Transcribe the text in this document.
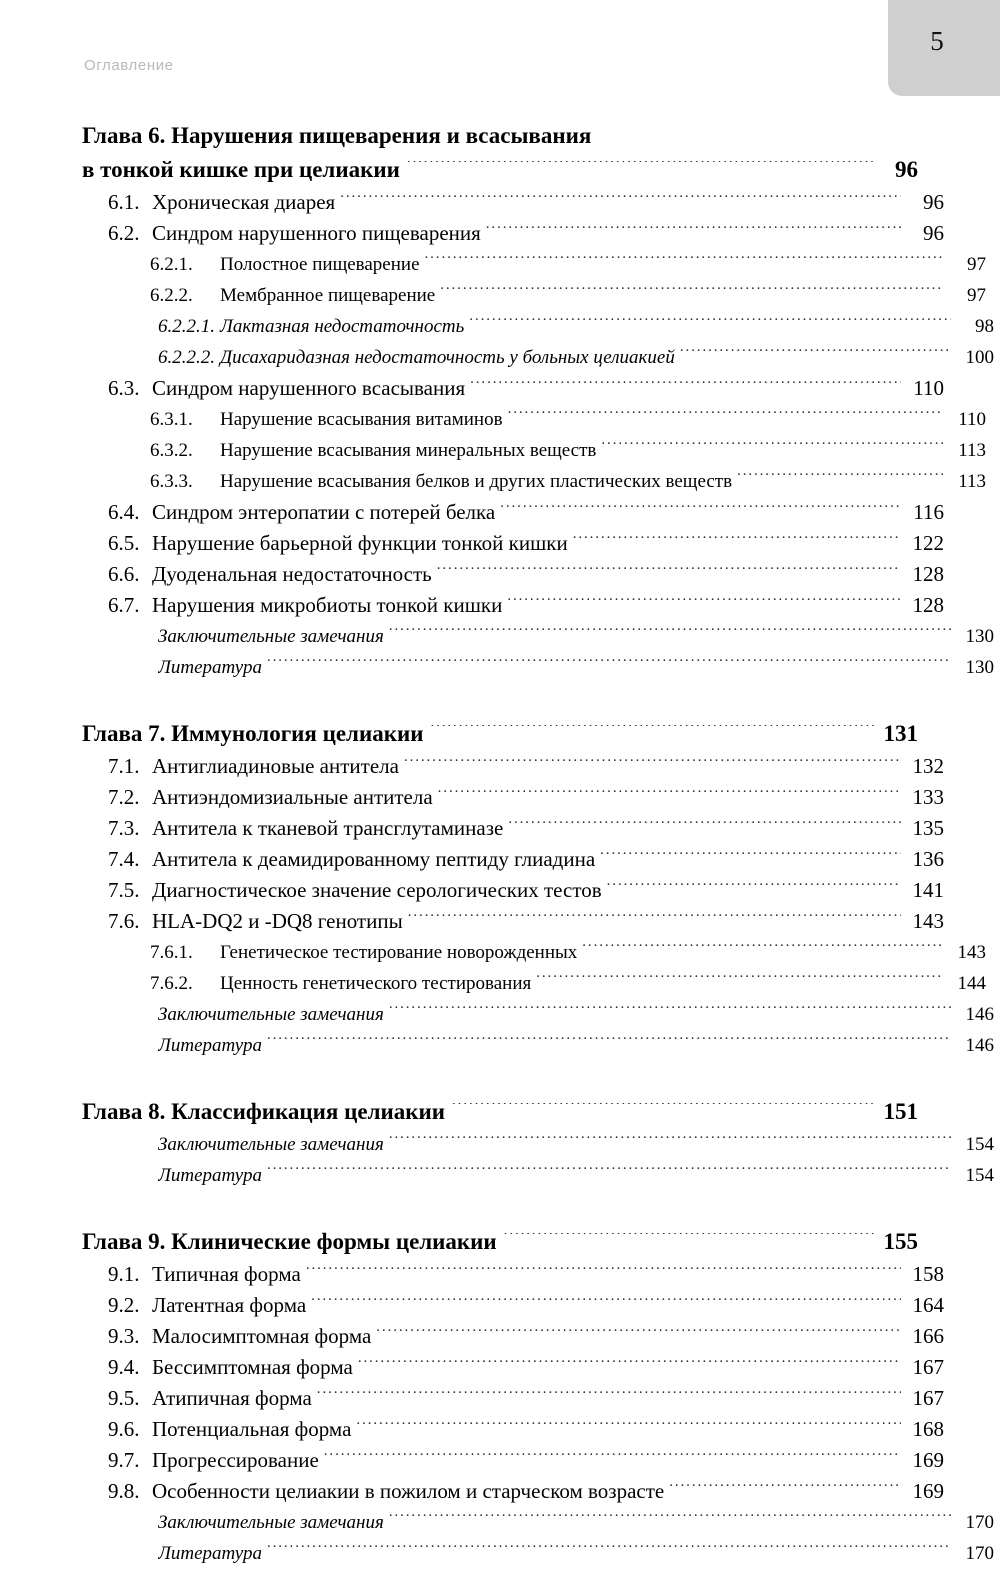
5
Оглавление
Глава 6. Нарушения пищеварения и всасывания
в тонкой кишке при целиакии .....	96
6.1. Хроническая диарея .....	96
6.2. Синдром нарушенного пищеварения .....	96
6.2.1.	Полостное пищеварение .....	97
6.2.2.	Мембранное пищеварение .....	97
6.2.2.1. Лактазная недостаточность .....	98
6.2.2.2. Дисахаридазная недостаточность у больных целиакией .....	100
6.3. Синдром нарушенного всасывания .....	110
6.3.1.	Нарушение всасывания витаминов .....	110
6.3.2.	Нарушение всасывания минеральных веществ .....	113
6.3.3.	Нарушение всасывания белков и других пластических веществ .....	113
6.4. Синдром энтеропатии с потерей белка .....	116
6.5. Нарушение барьерной функции тонкой кишки .....	122
6.6. Дуоденальная недостаточность .....	128
6.7. Нарушения микробиоты тонкой кишки .....	128
Заключительные замечания .....	130
Литература .....	130
Глава 7. Иммунология целиакии .....	131
7.1. Антиглиадиновые антитела .....	132
7.2. Антиэндомизиальные антитела .....	133
7.3. Антитела к тканевой трансглутаминазе .....	135
7.4. Антитела к деамидированному пептиду глиадина .....	136
7.5. Диагностическое значение серологических тестов .....	141
7.6. HLA-DQ2 и -DQ8 генотипы .....	143
7.6.1.	Генетическое тестирование новорожденных .....	143
7.6.2.	Ценность генетического тестирования .....	144
Заключительные замечания .....	146
Литература .....	146
Глава 8. Классификация целиакии .....	151
Заключительные замечания .....	154
Литература .....	154
Глава 9. Клинические формы целиакии .....	155
9.1. Типичная форма .....	158
9.2. Латентная форма .....	164
9.3. Малосимптомная форма .....	166
9.4. Бессимптомная форма .....	167
9.5. Атипичная форма .....	167
9.6. Потенциальная форма .....	168
9.7. Прогрессирование .....	169
9.8. Особенности целиакии в пожилом и старческом возрасте .....	169
Заключительные замечания .....	170
Литература .....	170
